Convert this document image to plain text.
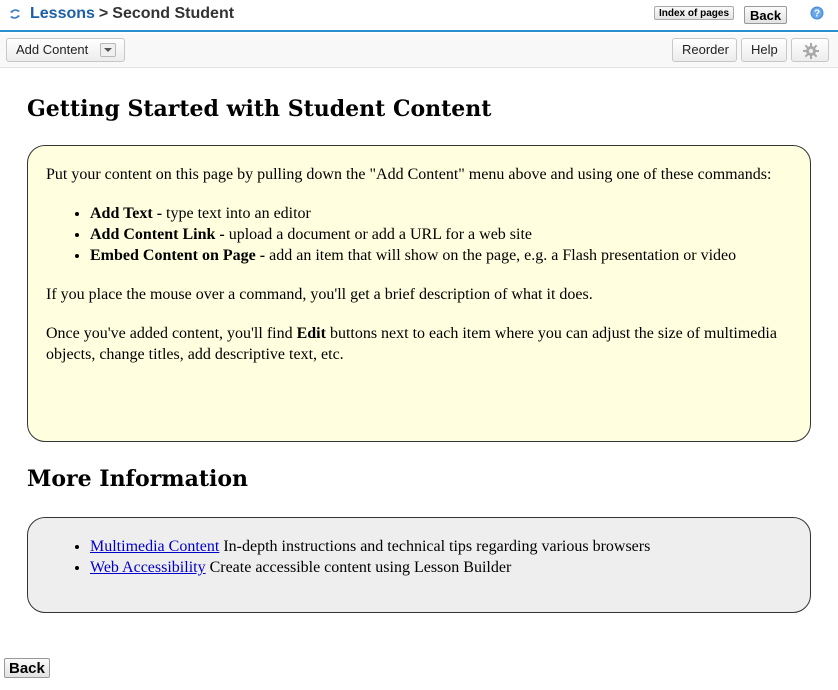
Lessons > Second Student	Index of pages	Back	?
Add Content	Reorder	Help
Getting Started with Student Content

Put your content on this page by pulling down the "Add Content" menu above and using one of these commands:

• Add Text - type text into an editor
• Add Content Link - upload a document or add a URL for a web site
• Embed Content on Page - add an item that will show on the page, e.g. a Flash presentation or video

If you place the mouse over a command, you'll get a brief description of what it does.

Once you've added content, you'll find Edit buttons next to each item where you can adjust the size of multimedia objects, change titles, add descriptive text, etc.

More Information
• Multimedia Content In-depth instructions and technical tips regarding various browsers
• Web Accessibility Create accessible content using Lesson Builder
Back
